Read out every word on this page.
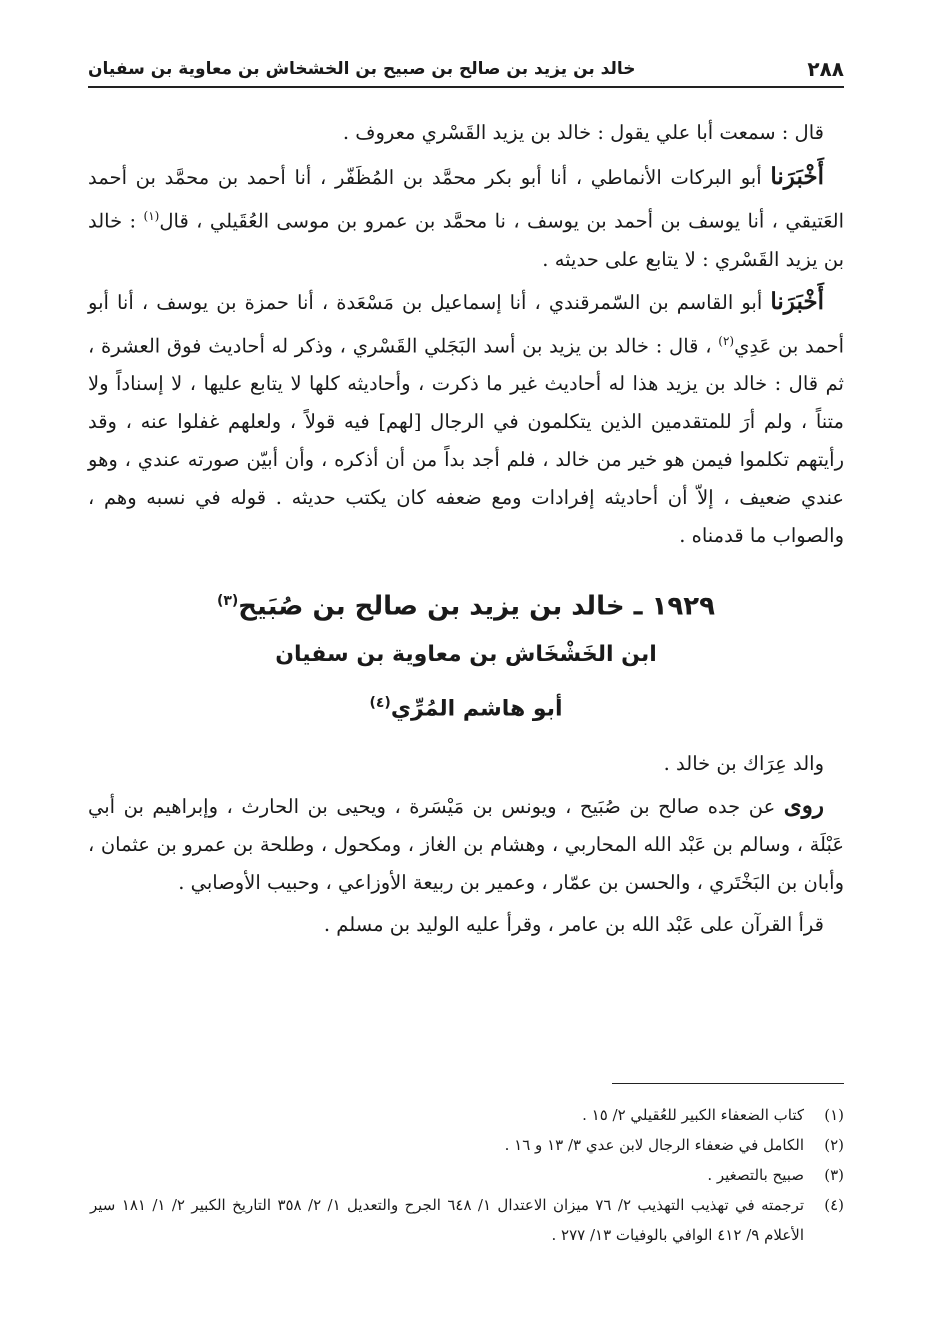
٢٨٨
خالد بن يزيد بن صالح بن صبيح بن الخشخاش بن معاوية بن سفيان

قال : سمعت أبا علي يقول : خالد بن يزيد القَسْري معروف .

أَخْبَرَنا أبو البركات الأنماطي ، أنا أبو بكر محمَّد بن المُظَفّر ، أنا أحمد بن محمَّد بن أحمد العَتيقي ، أنا يوسف بن أحمد بن يوسف ، نا محمَّد بن عمرو بن موسى العُقَيلي ، قال$^{(١)}$ : خالد بن يزيد القَسْري : لا يتابع على حديثه .

أَخْبَرَنا أبو القاسم بن السّمرقندي ، أنا إسماعيل بن مَسْعَدة ، أنا حمزة بن يوسف ، أنا أبو أحمد بن عَدِي$^{(٢)}$ ، قال : خالد بن يزيد بن أسد البَجَلي القَسْري ، وذكر له أحاديث فوق العشرة ، ثم قال : خالد بن يزيد هذا له أحاديث غير ما ذكرت ، وأحاديثه كلها لا يتابع عليها ، لا إسناداً ولا متناً ، ولم أرَ للمتقدمين الذين يتكلمون في الرجال [لهم] فيه قولاً ، ولعلهم غفلوا عنه ، وقد رأيتهم تكلموا فيمن هو خير من خالد ، فلم أجد بداً من أن أذكره ، وأن أبيّن صورته عندي ، وهو عندي ضعيف ، إلاّ أن أحاديثه إفرادات ومع ضعفه كان يكتب حديثه . قوله في نسبه وهم ، والصواب ما قدمناه .

١٩٢٩ ـ خالد بن يزيد بن صالح بن صُبَيح$^{(٣)}$
ابن الخَشْخَاش بن معاوية بن سفيان
أبو هاشم المُرِّي$^{(٤)}$

والد عِرَاك بن خالد .

روى عن جده صالح بن صُبَيح ، ويونس بن مَيْسَرة ، ويحيى بن الحارث ، وإبراهيم بن أبي عَبْلَة ، وسالم بن عَبْد الله المحاربي ، وهشام بن الغاز ، ومكحول ، وطلحة بن عمرو بن عثمان ، وأبان بن البَخْتَري ، والحسن بن عمّار ، وعمير بن ربيعة الأوزاعي ، وحبيب الأوصابي .

قرأ القرآن على عَبْد الله بن عامر ، وقرأ عليه الوليد بن مسلم .

(١)
كتاب الضعفاء الكبير للعُقيلي ٢/ ١٥ .
(٢)
الكامل في ضعفاء الرجال لابن عدي ٣/ ١٣ و ١٦ .
(٣)
صبيح بالتصغير .
(٤)
ترجمته في تهذيب التهذيب ٢/ ٧٦ ميزان الاعتدال ١/ ٦٤٨ الجرح والتعديل ١/ ٢/ ٣٥٨ التاريخ الكبير ٢/ ١/ ١٨١ سير الأعلام ٩/ ٤١٢ الوافي بالوفيات ١٣/ ٢٧٧ .
